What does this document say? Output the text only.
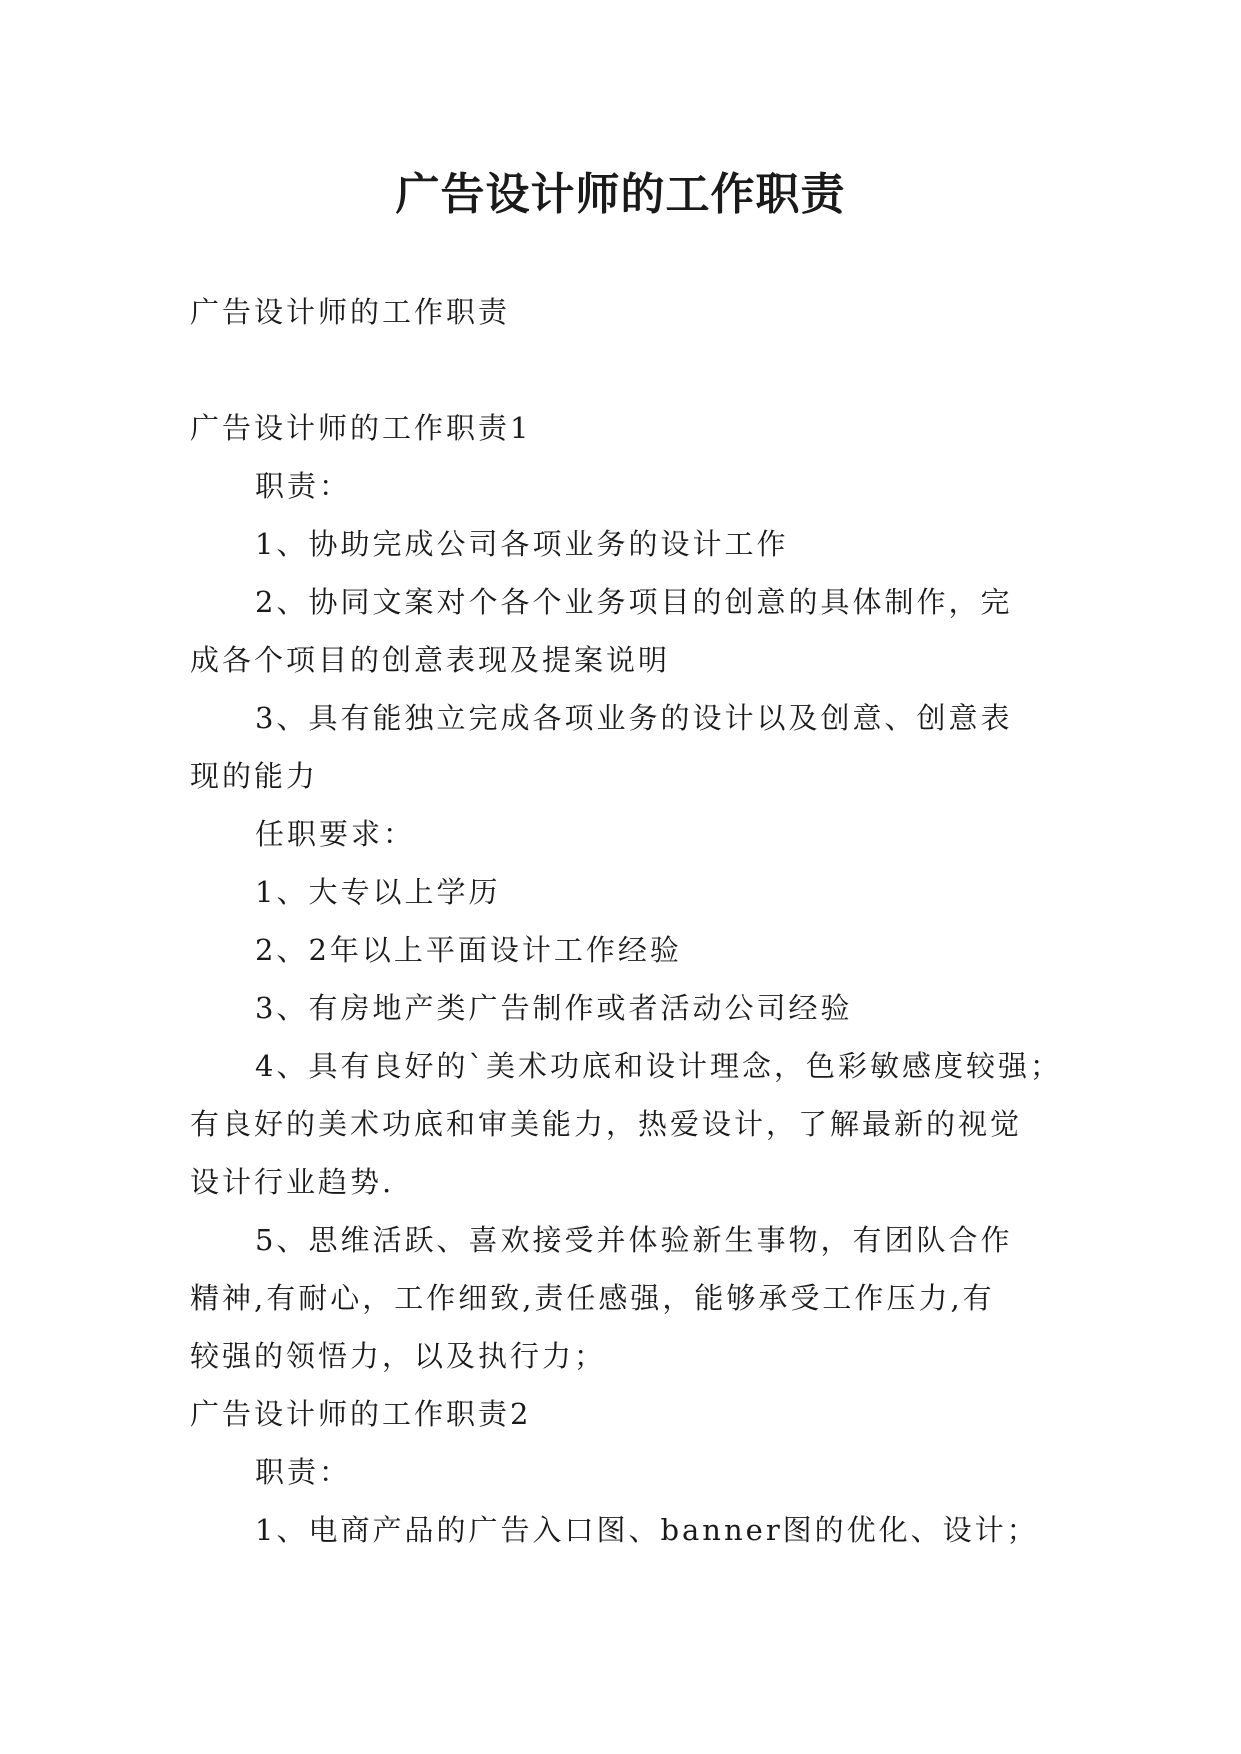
广告设计师的工作职责
广告设计师的工作职责
广告设计师的工作职责1
职责：
1、协助完成公司各项业务的设计工作
2、协同文案对个各个业务项目的创意的具体制作，完
成各个项目的创意表现及提案说明
3、具有能独立完成各项业务的设计以及创意、创意表
现的能力
任职要求：
1、大专以上学历
2、2年以上平面设计工作经验
3、有房地产类广告制作或者活动公司经验
4、具有良好的`美术功底和设计理念，色彩敏感度较强；
有良好的美术功底和审美能力，热爱设计，了解最新的视觉
设计行业趋势.
5、思维活跃、喜欢接受并体验新生事物，有团队合作
精神,有耐心，工作细致,责任感强，能够承受工作压力,有
较强的领悟力，以及执行力；
广告设计师的工作职责2
职责：
1、电商产品的广告入口图、banner图的优化、设计；
